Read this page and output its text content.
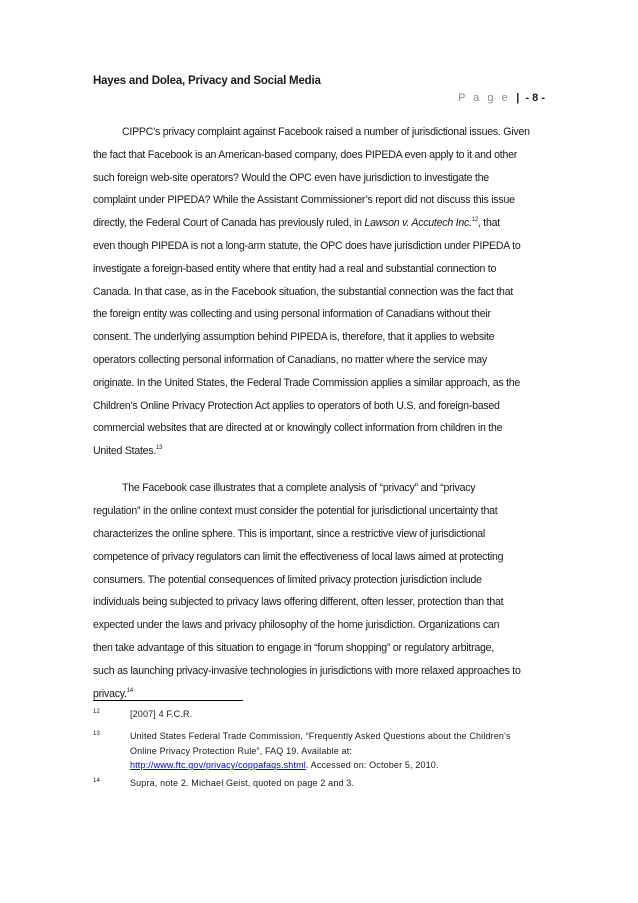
Hayes and Dolea, Privacy and Social Media
P a g e | - 8 -

CIPPC’s privacy complaint against Facebook raised a number of jurisdictional issues. Given
the fact that Facebook is an American-based company, does PIPEDA even apply to it and other
such foreign web-site operators? Would the OPC even have jurisdiction to investigate the
complaint under PIPEDA? While the Assistant Commissioner’s report did not discuss this issue
directly, the Federal Court of Canada has previously ruled, in Lawson v. Accutech Inc.$^{12}$, that
even though PIPEDA is not a long-arm statute, the OPC does have jurisdiction under PIPEDA to
investigate a foreign-based entity where that entity had a real and substantial connection to
Canada. In that case, as in the Facebook situation, the substantial connection was the fact that
the foreign entity was collecting and using personal information of Canadians without their
consent. The underlying assumption behind PIPEDA is, therefore, that it applies to website
operators collecting personal information of Canadians, no matter where the service may
originate. In the United States, the Federal Trade Commission applies a similar approach, as the
Children’s Online Privacy Protection Act applies to operators of both U.S. and foreign-based
commercial websites that are directed at or knowingly collect information from children in the
United States.$^{13}$

The Facebook case illustrates that a complete analysis of “privacy” and “privacy
regulation” in the online context must consider the potential for jurisdictional uncertainty that
characterizes the online sphere. This is important, since a restrictive view of jurisdictional
competence of privacy regulators can limit the effectiveness of local laws aimed at protecting
consumers. The potential consequences of limited privacy protection jurisdiction include
individuals being subjected to privacy laws offering different, often lesser, protection than that
expected under the laws and privacy philosophy of the home jurisdiction. Organizations can
then take advantage of this situation to engage in “forum shopping” or regulatory arbitrage,
such as launching privacy-invasive technologies in jurisdictions with more relaxed approaches to
privacy.$^{14}$

12	[2007] 4 F.C.R.
13	United States Federal Trade Commission, “Frequently Asked Questions about the Children's
Online Privacy Protection Rule”, FAQ 19. Available at:
http://www.ftc.gov/privacy/coppafaqs.shtml. Accessed on: October 5, 2010.
14	Supra, note 2. Michael Geist, quoted on page 2 and 3.
